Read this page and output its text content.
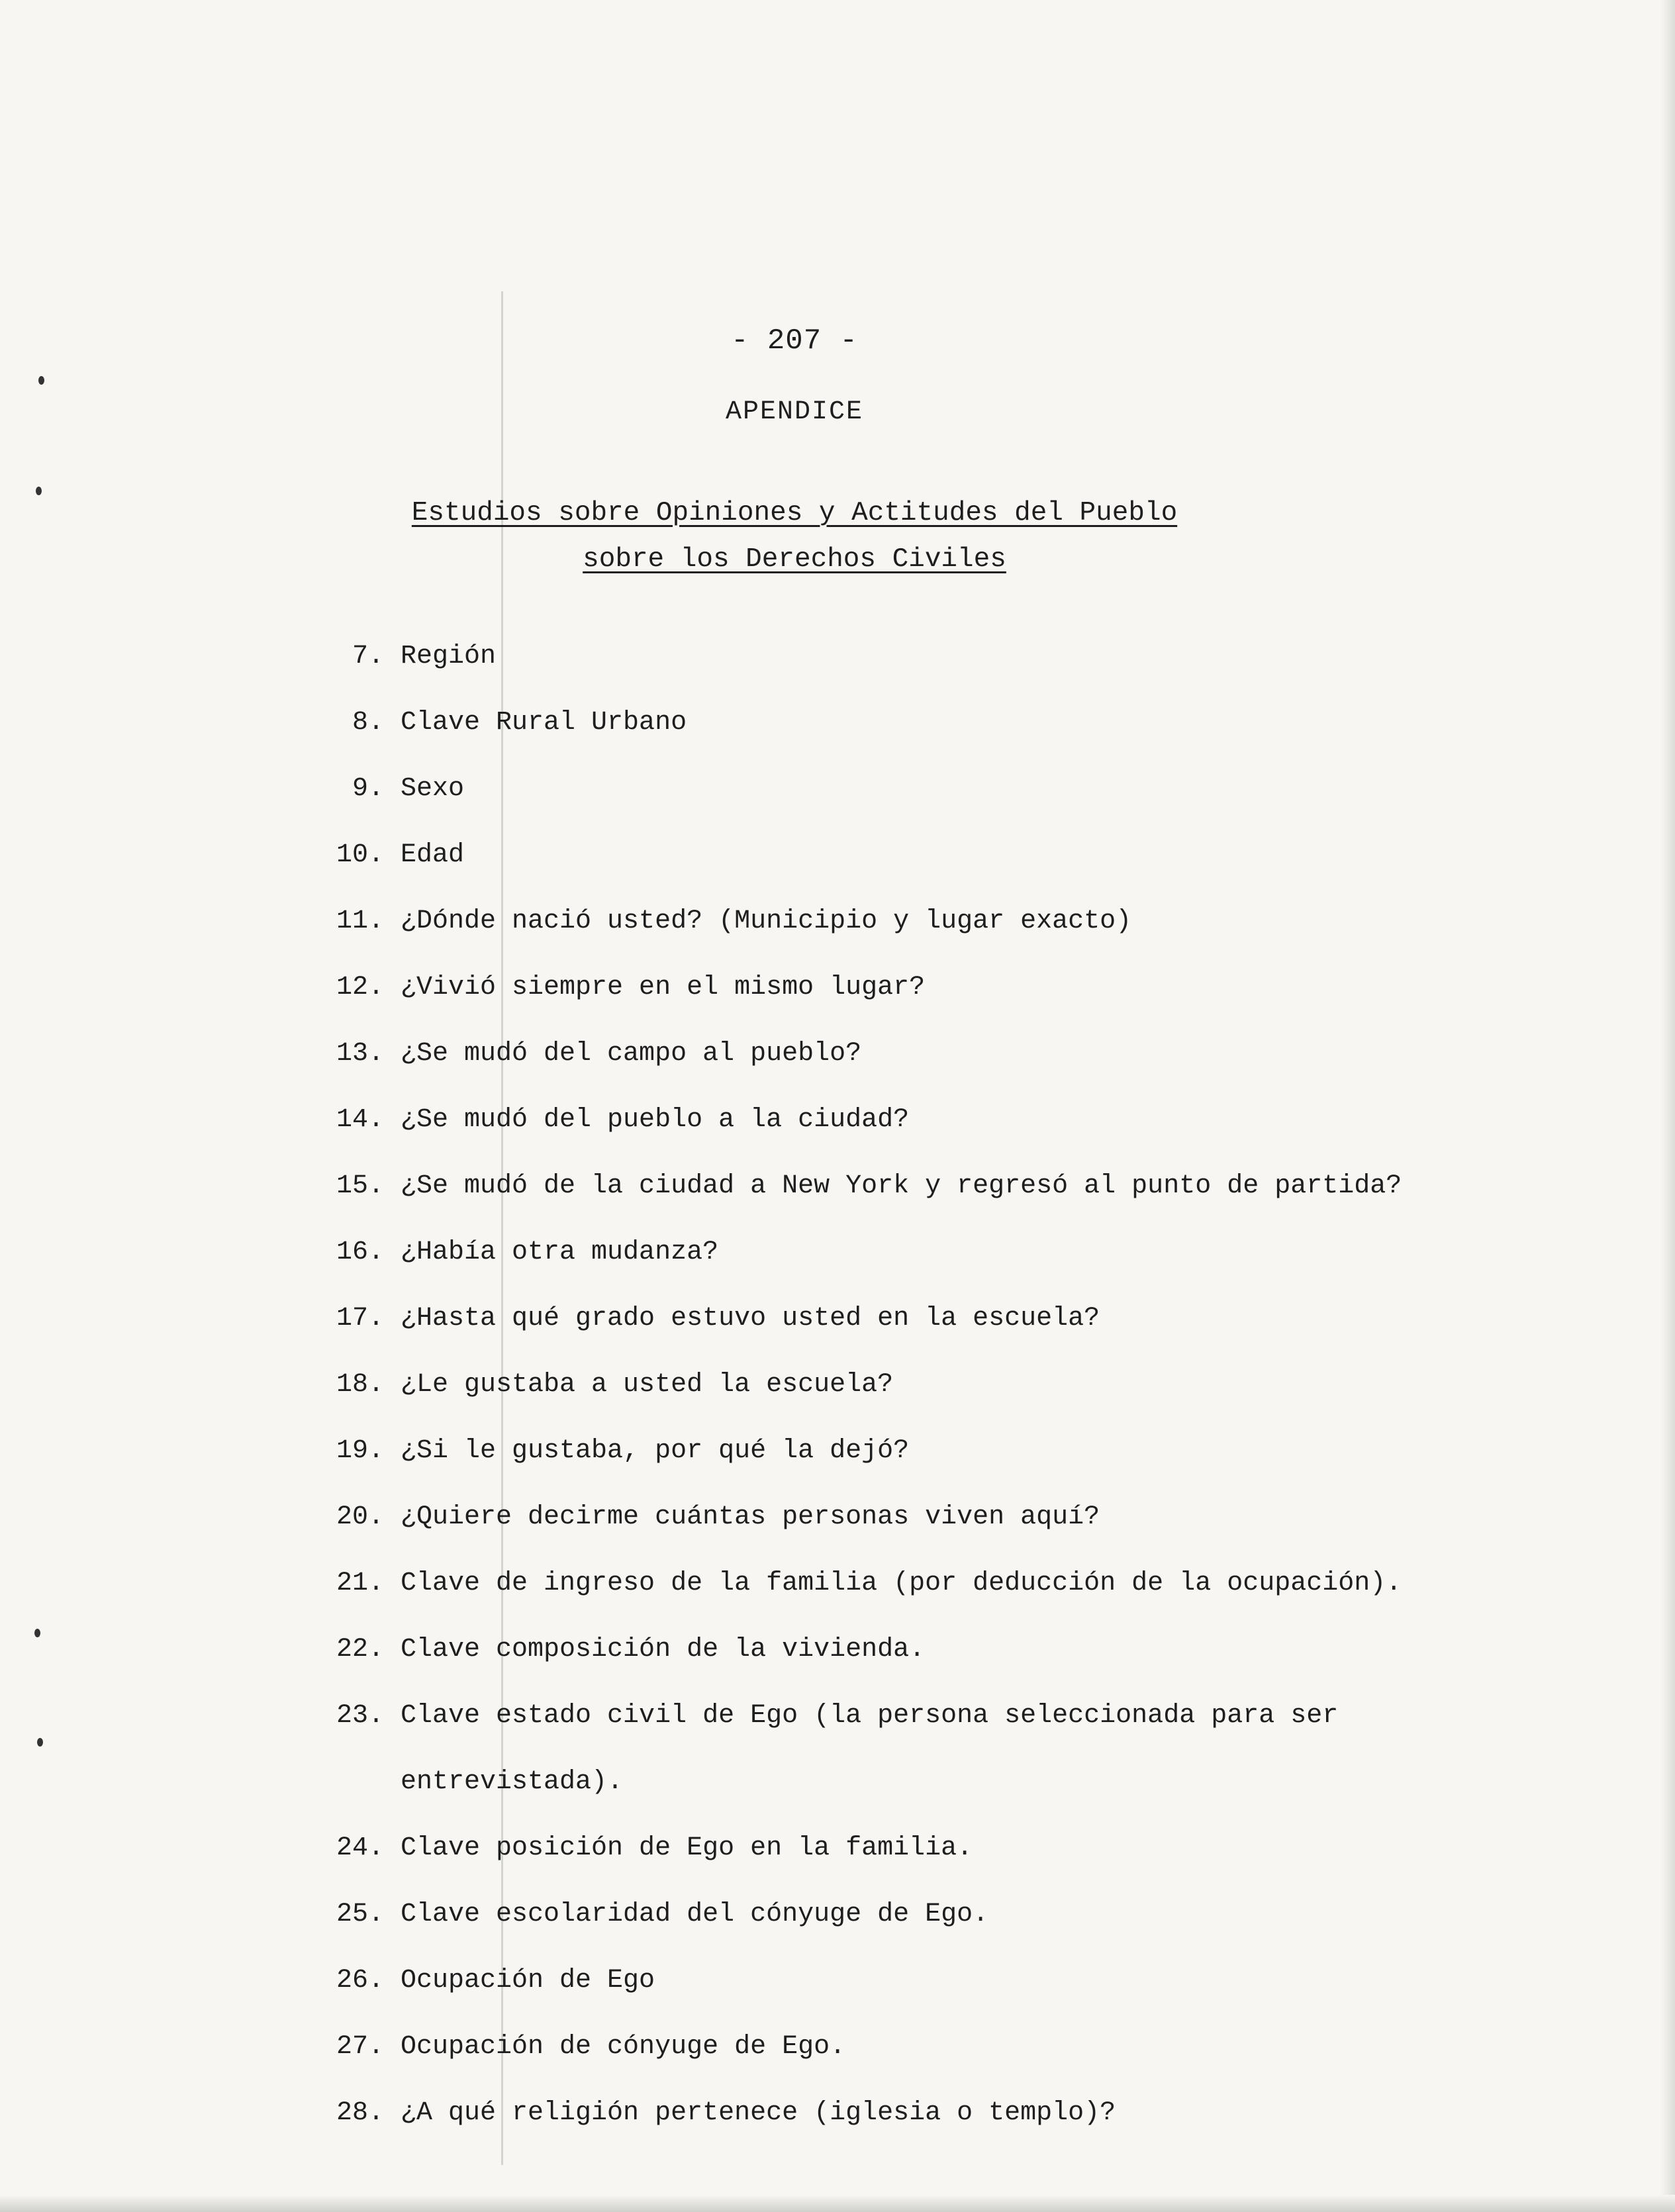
- 207 -
APENDICE
Estudios sobre Opiniones y Actitudes del Pueblo
sobre los Derechos Civiles
7. Región
8. Clave Rural Urbano
9. Sexo
10. Edad
11. ¿Dónde nació usted? (Municipio y lugar exacto)
12. ¿Vivió siempre en el mismo lugar?
13. ¿Se mudó del campo al pueblo?
14. ¿Se mudó del pueblo a la ciudad?
15. ¿Se mudó de la ciudad a New York y regresó al punto de partida?
16. ¿Había otra mudanza?
17. ¿Hasta qué grado estuvo usted en la escuela?
18. ¿Le gustaba a usted la escuela?
19. ¿Si le gustaba, por qué la dejó?
20. ¿Quiere decirme cuántas personas viven aquí?
21. Clave de ingreso de la familia (por deducción de la ocupación).
22. Clave composición de la vivienda.
23. Clave estado civil de Ego (la persona seleccionada para ser
entrevistada).
24. Clave posición de Ego en la familia.
25. Clave escolaridad del cónyuge de Ego.
26. Ocupación de Ego
27. Ocupación de cónyuge de Ego.
28. ¿A qué religión pertenece (iglesia o templo)?
